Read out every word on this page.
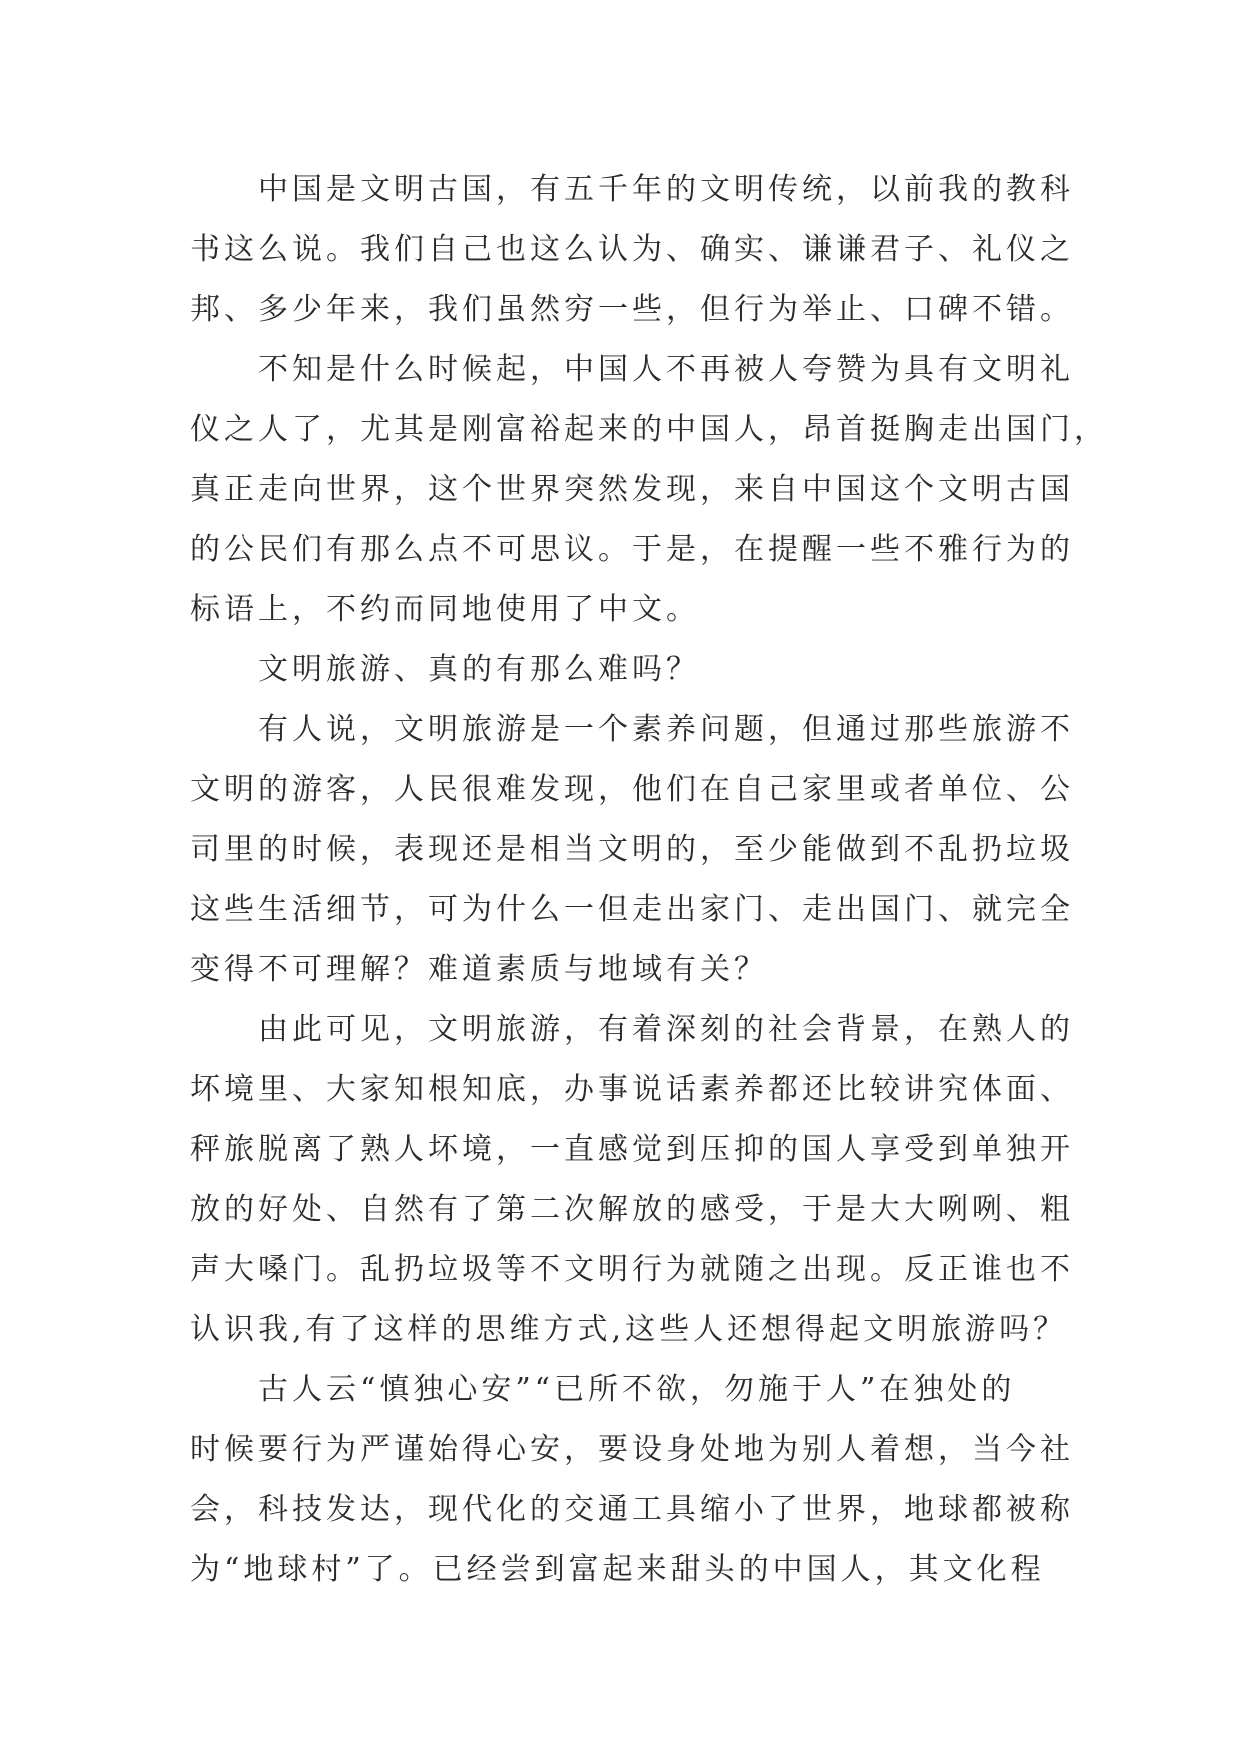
中国是文明古国，有五千年的文明传统，以前我的教科
书这么说。我们自己也这么认为、确实、谦谦君子、礼仪之
邦、多少年来，我们虽然穷一些，但行为举止、口碑不错。
不知是什么时候起，中国人不再被人夸赞为具有文明礼
仪之人了，尤其是刚富裕起来的中国人，昂首挺胸走出国门，
真正走向世界，这个世界突然发现，来自中国这个文明古国
的公民们有那么点不可思议。于是，在提醒一些不雅行为的
标语上，不约而同地使用了中文。
文明旅游、真的有那么难吗？
有人说，文明旅游是一个素养问题，但通过那些旅游不
文明的游客，人民很难发现，他们在自己家里或者单位、公
司里的时候，表现还是相当文明的，至少能做到不乱扔垃圾
这些生活细节，可为什么一但走出家门、走出国门、就完全
变得不可理解？难道素质与地域有关？
由此可见，文明旅游，有着深刻的社会背景，在熟人的
坏境里、大家知根知底，办事说话素养都还比较讲究体面、
秤旅脱离了熟人坏境，一直感觉到压抑的国人享受到单独开
放的好处、自然有了第二次解放的感受，于是大大咧咧、粗
声大嗓门。乱扔垃圾等不文明行为就随之出现。反正谁也不
认识我,有了这样的思维方式,这些人还想得起文明旅游吗？
古人云“慎独心安”“已所不欲，勿施于人”在独处的
时候要行为严谨始得心安，要设身处地为别人着想，当今社
会，科技发达，现代化的交通工具缩小了世界，地球都被称
为“地球村”了。已经尝到富起来甜头的中国人，其文化程
